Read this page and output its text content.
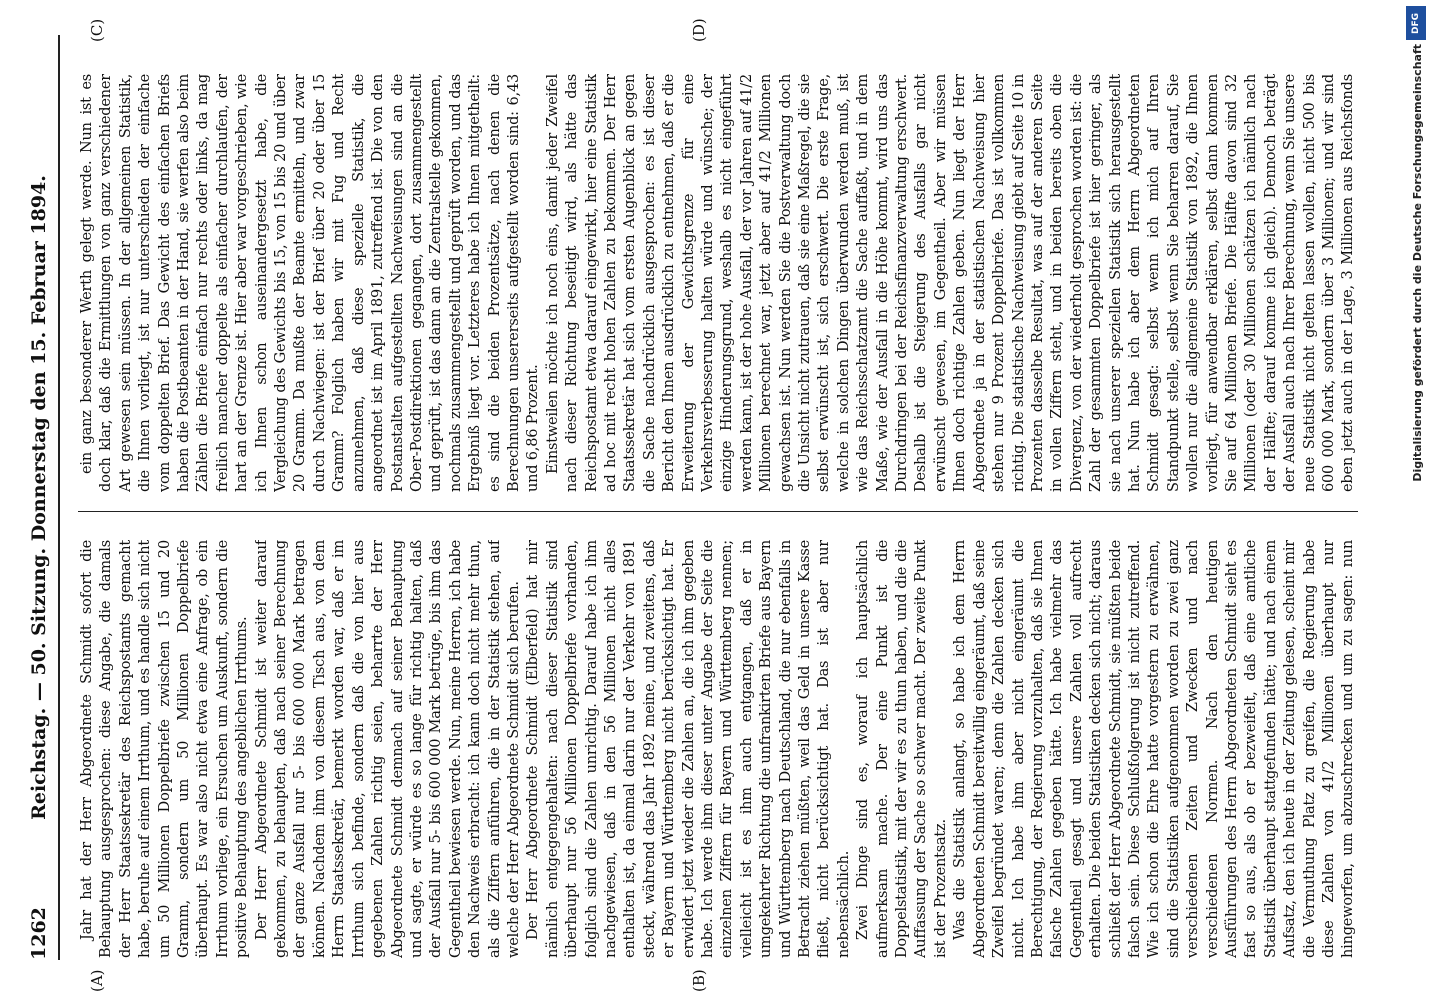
1262
Reichstag. — 50. Sitzung. Donnerstag den 15. Februar 1894.
(A)	(B)
(C)	(D)

Jahr hat der Herr Abgeordnete Schmidt sofort die Behauptung ausgesprochen: diese Angabe, die damals der Herr Staatssekretär des Reichspostamts gemacht habe, beruhe auf einem Irrthum, und es handle sich nicht um 50 Millionen Doppelbriefe zwischen 15 und 20 Gramm, sondern um 50 Millionen Doppelbriefe überhaupt. Es war also nicht etwa eine Anfrage, ob ein Irrthum vorliege, ein Ersuchen um Auskunft, sondern die positive Behauptung des angeblichen Irrthums. Der Herr Abgeordnete Schmidt ist weiter darauf gekommen, zu behaupten, daß nach seiner Berechnung der ganze Ausfall nur 5- bis 600 000 Mark betragen können. Nachdem ihm von diesem Tisch aus, von dem Herrn Staatssekretär, bemerkt worden war, daß er im Irrthum sich befinde, sondern daß die von hier aus gegebenen Zahlen richtig seien, beharrte der Herr Abgeordnete Schmidt demnach auf seiner Behauptung und sagte, er würde es so lange für richtig halten, daß der Ausfall nur 5- bis 600 000 Mark betrüge, bis ihm das Gegentheil bewiesen werde. Nun, meine Herren, ich habe den Nachweis erbracht: ich kann doch nicht mehr thun, als die Ziffern anführen, die in der Statistik stehen, auf welche der Herr Abgeordnete Schmidt sich berufen. Der Herr Abgeordnete Schmidt (Elberfeld) hat mir nämlich entgegengehalten: nach dieser Statistik sind überhaupt nur 56 Millionen Doppelbriefe vorhanden, folglich sind die Zahlen unrichtig. Darauf habe ich ihm nachgewiesen, daß in den 56 Millionen nicht alles enthalten ist, da einmal darin nur der Verkehr von 1891 steckt, während das Jahr 1892 meine, und zweitens, daß er Bayern und Württemberg nicht berücksichtigt hat. Er erwidert jetzt wieder die Zahlen an, die ich ihm gegeben habe. Ich werde ihm dieser unter Angabe der Seite die einzelnen Ziffern für Bayern und Württemberg nennen; vielleicht ist es ihm auch entgangen, daß er in umgekehrter Richtung die unfrankirten Briefe aus Bayern und Württemberg nach Deutschland, die nur ebenfalls in Betracht ziehen müßten, weil das Geld in unsere Kasse fließt, nicht berücksichtigt hat. Das ist aber nur nebensächlich. Zwei Dinge sind es, worauf ich hauptsächlich aufmerksam mache. Der eine Punkt ist die Doppelstatistik, mit der wir es zu thun haben, und die die Auffassung der Sache so schwer macht. Der zweite Punkt ist der Prozentsatz. Was die Statistik anlangt, so habe ich dem Herrn Abgeordneten Schmidt bereitwillig eingeräumt, daß seine Zweifel begründet waren; denn die Zahlen decken sich nicht. Ich habe ihm aber nicht eingeräumt die Berechtigung, der Regierung vorzuhalten, daß sie Ihnen falsche Zahlen gegeben hätte. Ich habe vielmehr das Gegentheil gesagt und unsere Zahlen voll aufrecht erhalten. Die beiden Statistiken decken sich nicht; daraus schließt der Herr Abgeordnete Schmidt, sie müßten beide falsch sein. Diese Schlußfolgerung ist nicht zutreffend. Wie ich schon die Ehre hatte vorgestern zu erwähnen, sind die Statistiken aufgenommen worden zu zwei ganz verschiedenen Zeiten und Zwecken und nach verschiedenen Normen. Nach den heutigen Ausführungen des Herrn Abgeordneten Schmidt sieht es fast so aus, als ob er bezweifelt, daß eine amtliche Statistik überhaupt stattgefunden hätte; und nach einem Aufsatz, den ich heute in der Zeitung gelesen, scheint mir die Vermuthung Platz zu greifen, die Regierung habe diese Zahlen von 41/2 Millionen überhaupt nur hingeworfen, um abzuschrecken und um zu sagen: nun

ein ganz besonderer Werth gelegt werde. Nun ist es doch klar, daß die Ermittlungen von ganz verschiedener Art gewesen sein müssen. In der allgemeinen Statistik, die Ihnen vorliegt, ist nur unterschieden der einfache vom doppelten Brief. Das Gewicht des einfachen Briefs haben die Postbeamten in der Hand, sie werfen also beim Zählen die Briefe einfach nur rechts oder links, da mag freilich mancher doppelte als einfacher durchlaufen, der hart an der Grenze ist. Hier aber war vorgeschrieben, wie ich Ihnen schon auseinandergesetzt habe, die Vergleichung des Gewichts bis 15, von 15 bis 20 und über 20 Gramm. Da mußte der Beamte ermitteln, und zwar durch Nachwiegen: ist der Brief über 20 oder über 15 Gramm? Folglich haben wir mit Fug und Recht anzunehmen, daß diese spezielle Statistik, die angeordnet ist im April 1891, zutreffend ist. Die von den Postanstalten aufgestellten Nachweisungen sind an die Ober-Postdirektionen gegangen, dort zusammengestellt und geprüft, ist das dann an die Zentralstelle gekommen, nochmals zusammengestellt und geprüft worden, und das Ergebniß liegt vor. Letzteres habe ich Ihnen mitgetheilt: es sind die beiden Prozentsätze, nach denen die Berechnungen unsererseits aufgestellt worden sind: 6,43 und 6,86 Prozent. Einstweilen möchte ich noch eins, damit jeder Zweifel nach dieser Richtung beseitigt wird, als hätte das Reichspostamt etwa darauf eingewirkt, hier eine Statistik ad hoc mit recht hohen Zahlen zu bekommen. Der Herr Staatssekretär hat sich vom ersten Augenblick an gegen die Sache nachdrücklich ausgesprochen: es ist dieser Bericht den Ihnen ausdrücklich zu entnehmen, daß er die Erweiterung der Gewichtsgrenze für eine Verkehrsverbesserung halten würde und wünsche; der einzige Hinderungsgrund, weshalb es nicht eingeführt werden kann, ist der hohe Ausfall, der vor Jahren auf 41/2 Millionen berechnet war, jetzt aber auf 41/2 Millionen gewachsen ist. Nun werden Sie die Postverwaltung doch die Unsicht nicht zutrauen, daß sie eine Maßregel, die sie selbst erwünscht ist, sich erschwert. Die erste Frage, welche in solchen Dingen überwunden werden muß, ist wie das Reichsschatzamt die Sache auffaßt, und in dem Maße, wie der Ausfall in die Höhe kommt, wird uns das Durchdringen bei der Reichsfinanzverwaltung erschwert. Deshalb ist die Steigerung des Ausfalls gar nicht erwünscht gewesen, im Gegentheil. Aber wir müssen Ihnen doch richtige Zahlen geben. Nun liegt der Herr Abgeordnete ja in der statistischen Nachweisung hier stehen nur 9 Prozent Doppelbriefe. Das ist vollkommen richtig. Die statistische Nachweisung giebt auf Seite 10 in Prozenten dasselbe Resultat, was auf der anderen Seite in vollen Ziffern steht, und in beiden bereits oben die Divergenz, von der wiederholt gesprochen worden ist: die Zahl der gesammten Doppelbriefe ist hier geringer, als sie nach unserer speziellen Statistik sich herausgestellt hat. Nun habe ich aber dem Herrn Abgeordneten Schmidt gesagt: selbst wenn ich mich auf Ihren Standpunkt stelle, selbst wenn Sie beharren darauf, Sie wollen nur die allgemeine Statistik von 1892, die Ihnen vorliegt, für anwendbar erklären, selbst dann kommen Sie auf 64 Millionen Briefe. Die Hälfte davon sind 32 Millionen (oder 30 Millionen schätzen ich nämlich nach der Hälfte; darauf komme ich gleich). Dennoch beträgt der Ausfall auch nach Ihrer Berechnung, wenn Sie unsere neue Statistik nicht gelten lassen wollen, nicht 500 bis 600 000 Mark, sondern über 3 Millionen; und wir sind eben jetzt auch in der Lage, 3 Millionen aus Reichsfonds

DFG
Digitalisierung gefördert durch die Deutsche Forschungsgemeinschaft
